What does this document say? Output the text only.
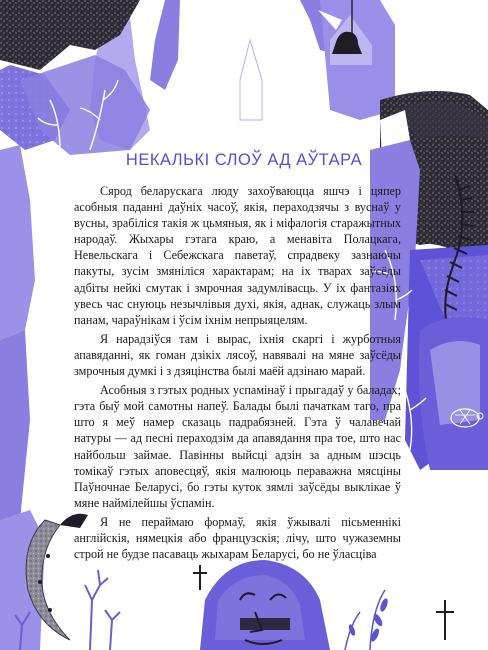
НЕКАЛЬКІ СЛОЎ АД АЎТАРА

Сярод беларускага люду захоўваюцца яшчэ і цяпер асобныя паданні даўніх часоў, якія, пераходзячы з вуснаў у вусны, зрабіліся такія ж цьмяныя, як і міфалогія старажытных народаў. Жыхары гэтага краю, а менавіта Полацкага, Невельскага і Себежскага паветаў, спрадвеку зазнаючы пакуты, зусім змяніліся характарам; на іх тварах заўсёды адбіты нейкі смутак і змрочная задумлівасць. У іх фантазіях увесь час снуюць незычлівыя духі, якія, аднак, служаць злым панам, чараўнікам і ўсім іхнім непрыяцелям.

Я нарадзіўся там і вырас, іхнія скаргі і журботныя апавяданні, як гоман дзікіх лясоў, навявалі на мяне заўсёды змрочныя думкі і з дзяцінства былі маёй адзінаю марай.

Асобныя з гэтых родных успамінаў і прыгадаў у баладах; гэта быў мой самотны напеў. Балады былі пачаткам таго, пра што я меў намер сказаць падрабязней. Гэта ў чалавечай натуры — ад песні пераходзім да апавядання пра тое, што нас найбольш займае. Павінны выйсці адзін за адным шэсць томікаў гэтых аповесцяў, якія малююць пераважна мясціны Паўночнае Беларусі, бо гэты куток зямлі заўсёды выклікае ў мяне наймілейшы ўспамін.

Я не пераймаю формаў, якія ўжывалі пісьменнікі англійскія, нямецкія або французскія; лічу, што чужаземны строй не будзе пасаваць жыхарам Беларусі, бо не ўласціва
